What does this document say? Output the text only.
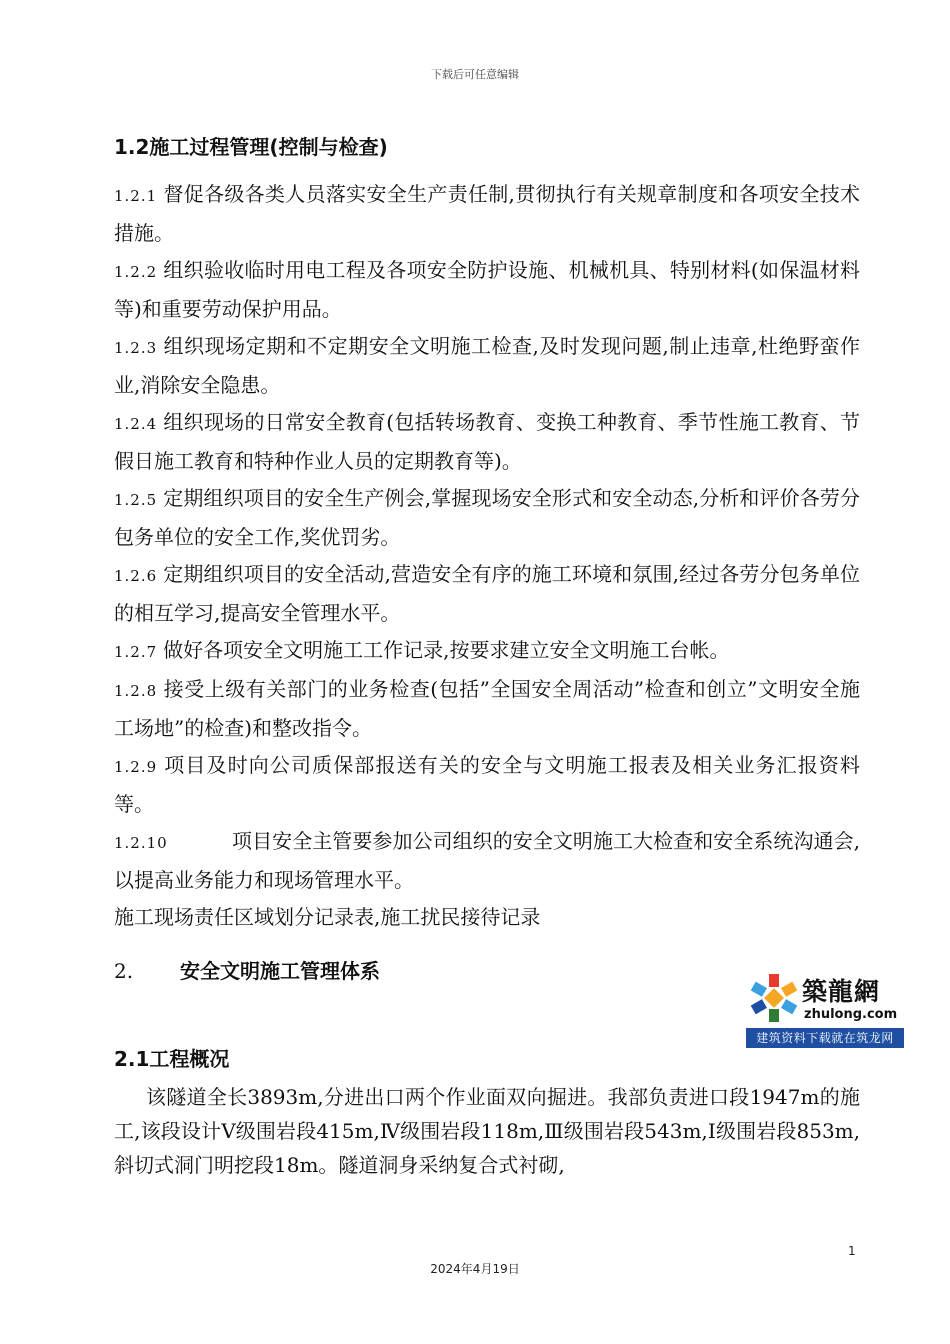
下载后可任意编辑
1.2施工过程管理(控制与检查)

1.2.1 督促各级各类人员落实安全生产责任制,贯彻执行有关规章制度和各项安全技术措施。

1.2.2 组织验收临时用电工程及各项安全防护设施、机械机具、特别材料(如保温材料等)和重要劳动保护用品。

1.2.3 组织现场定期和不定期安全文明施工检查,及时发现问题,制止违章,杜绝野蛮作业,消除安全隐患。

1.2.4 组织现场的日常安全教育(包括转场教育、变换工种教育、季节性施工教育、节假日施工教育和特种作业人员的定期教育等)。

1.2.5 定期组织项目的安全生产例会,掌握现场安全形式和安全动态,分析和评价各劳分包务单位的安全工作,奖优罚劣。

1.2.6 定期组织项目的安全活动,营造安全有序的施工环境和氛围,经过各劳分包务单位的相互学习,提高安全管理水平。

1.2.7 做好各项安全文明施工工作记录,按要求建立安全文明施工台帐。

1.2.8 接受上级有关部门的业务检查(包括”全国安全周活动”检查和创立”文明安全施工场地”的检查)和整改指令。

1.2.9 项目及时向公司质保部报送有关的安全与文明施工报表及相关业务汇报资料等。

1.2.10	项目安全主管要参加公司组织的安全文明施工大检查和安全系统沟通会,以提高业务能力和现场管理水平。

施工现场责任区域划分记录表,施工扰民接待记录
2. 安全文明施工管理体系
2.1工程概况
该隧道全长3893m,分进出口两个作业面双向掘进。我部负责进口段1947m的施工,该段设计Ⅴ级围岩段415m,Ⅳ级围岩段118m,Ⅲ级围岩段543m,Ⅰ级围岩段853m,斜切式洞门明挖段18m。隧道洞身采纳复合式衬砌,
築龍網
zhulong.com
建筑资料下载就在筑龙网
1
2024年4月19日
